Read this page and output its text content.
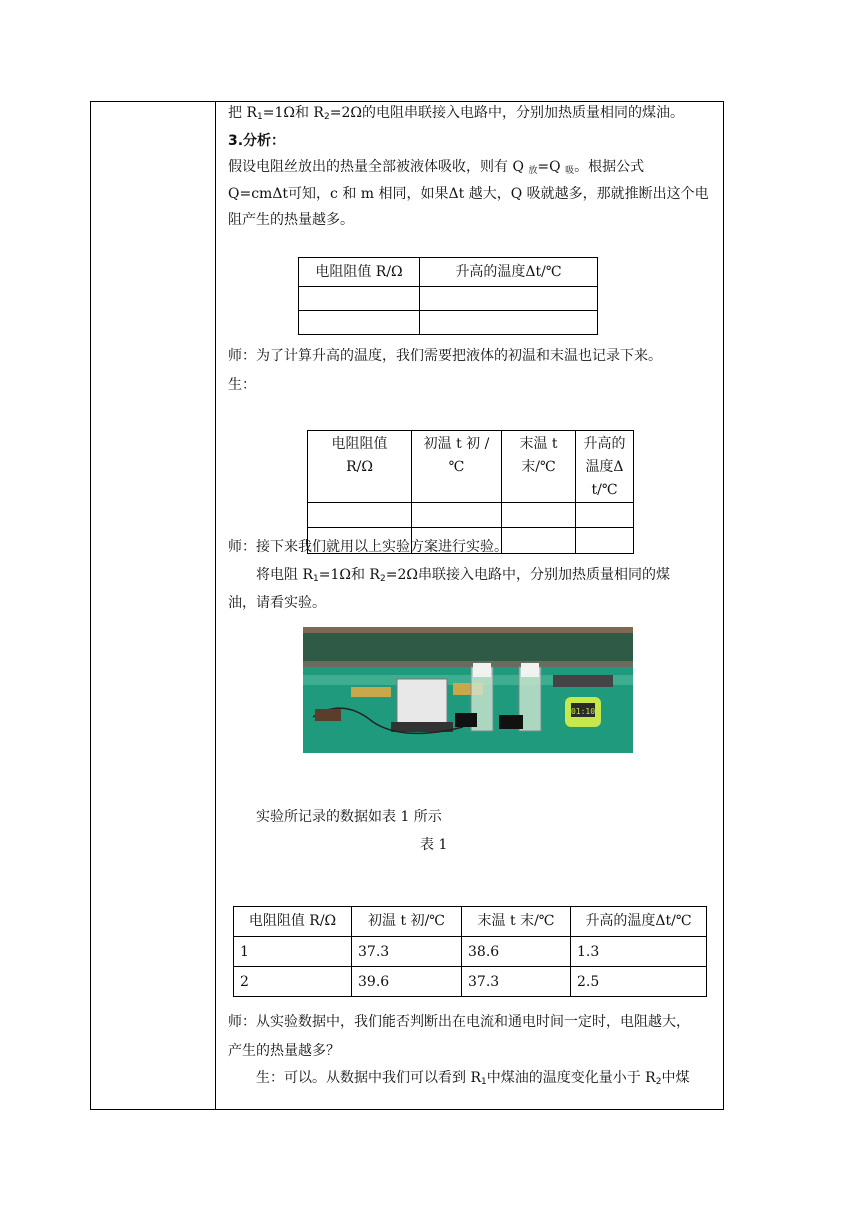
把 $R_1=1\Omega$和 $R_2=2\Omega$的电阻串联接入电路中，分别加热质量相同的煤油。
3.分析：
假设电阻丝放出的热量全部被液体吸收，则有 Q $_放$=Q $_吸$。根据公式
Q=cmΔt可知，c 和 m 相同，如果Δt 越大，Q 吸就越多，那就推断出这个电
阻产生的热量越多。
电阻阻值 R/Ω	升高的温度Δt/℃

师：为了计算升高的温度，我们需要把液体的初温和末温也记录下来。
生：
电阻阻值 R/Ω	初温 t 初 /℃	末温 t 末/℃	升高的温度Δ t/℃

师：接下来我们就用以上实验方案进行实验。
将电阻 $R_1=1\Omega$和 $R_2=2\Omega$串联接入电路中，分别加热质量相同的煤
油，请看实验。
01:10
实验所记录的数据如表 1 所示
表 1
电阻阻值 R/Ω	初温 t 初/℃	末温 t 末/℃	升高的温度Δt/℃
1	37.3	38.6	1.3
2	39.6	37.3	2.5
师：从实验数据中，我们能否判断出在电流和通电时间一定时，电阻越大，
产生的热量越多？
生：可以。从数据中我们可以看到 $R_1$中煤油的温度变化量小于 $R_2$中煤
